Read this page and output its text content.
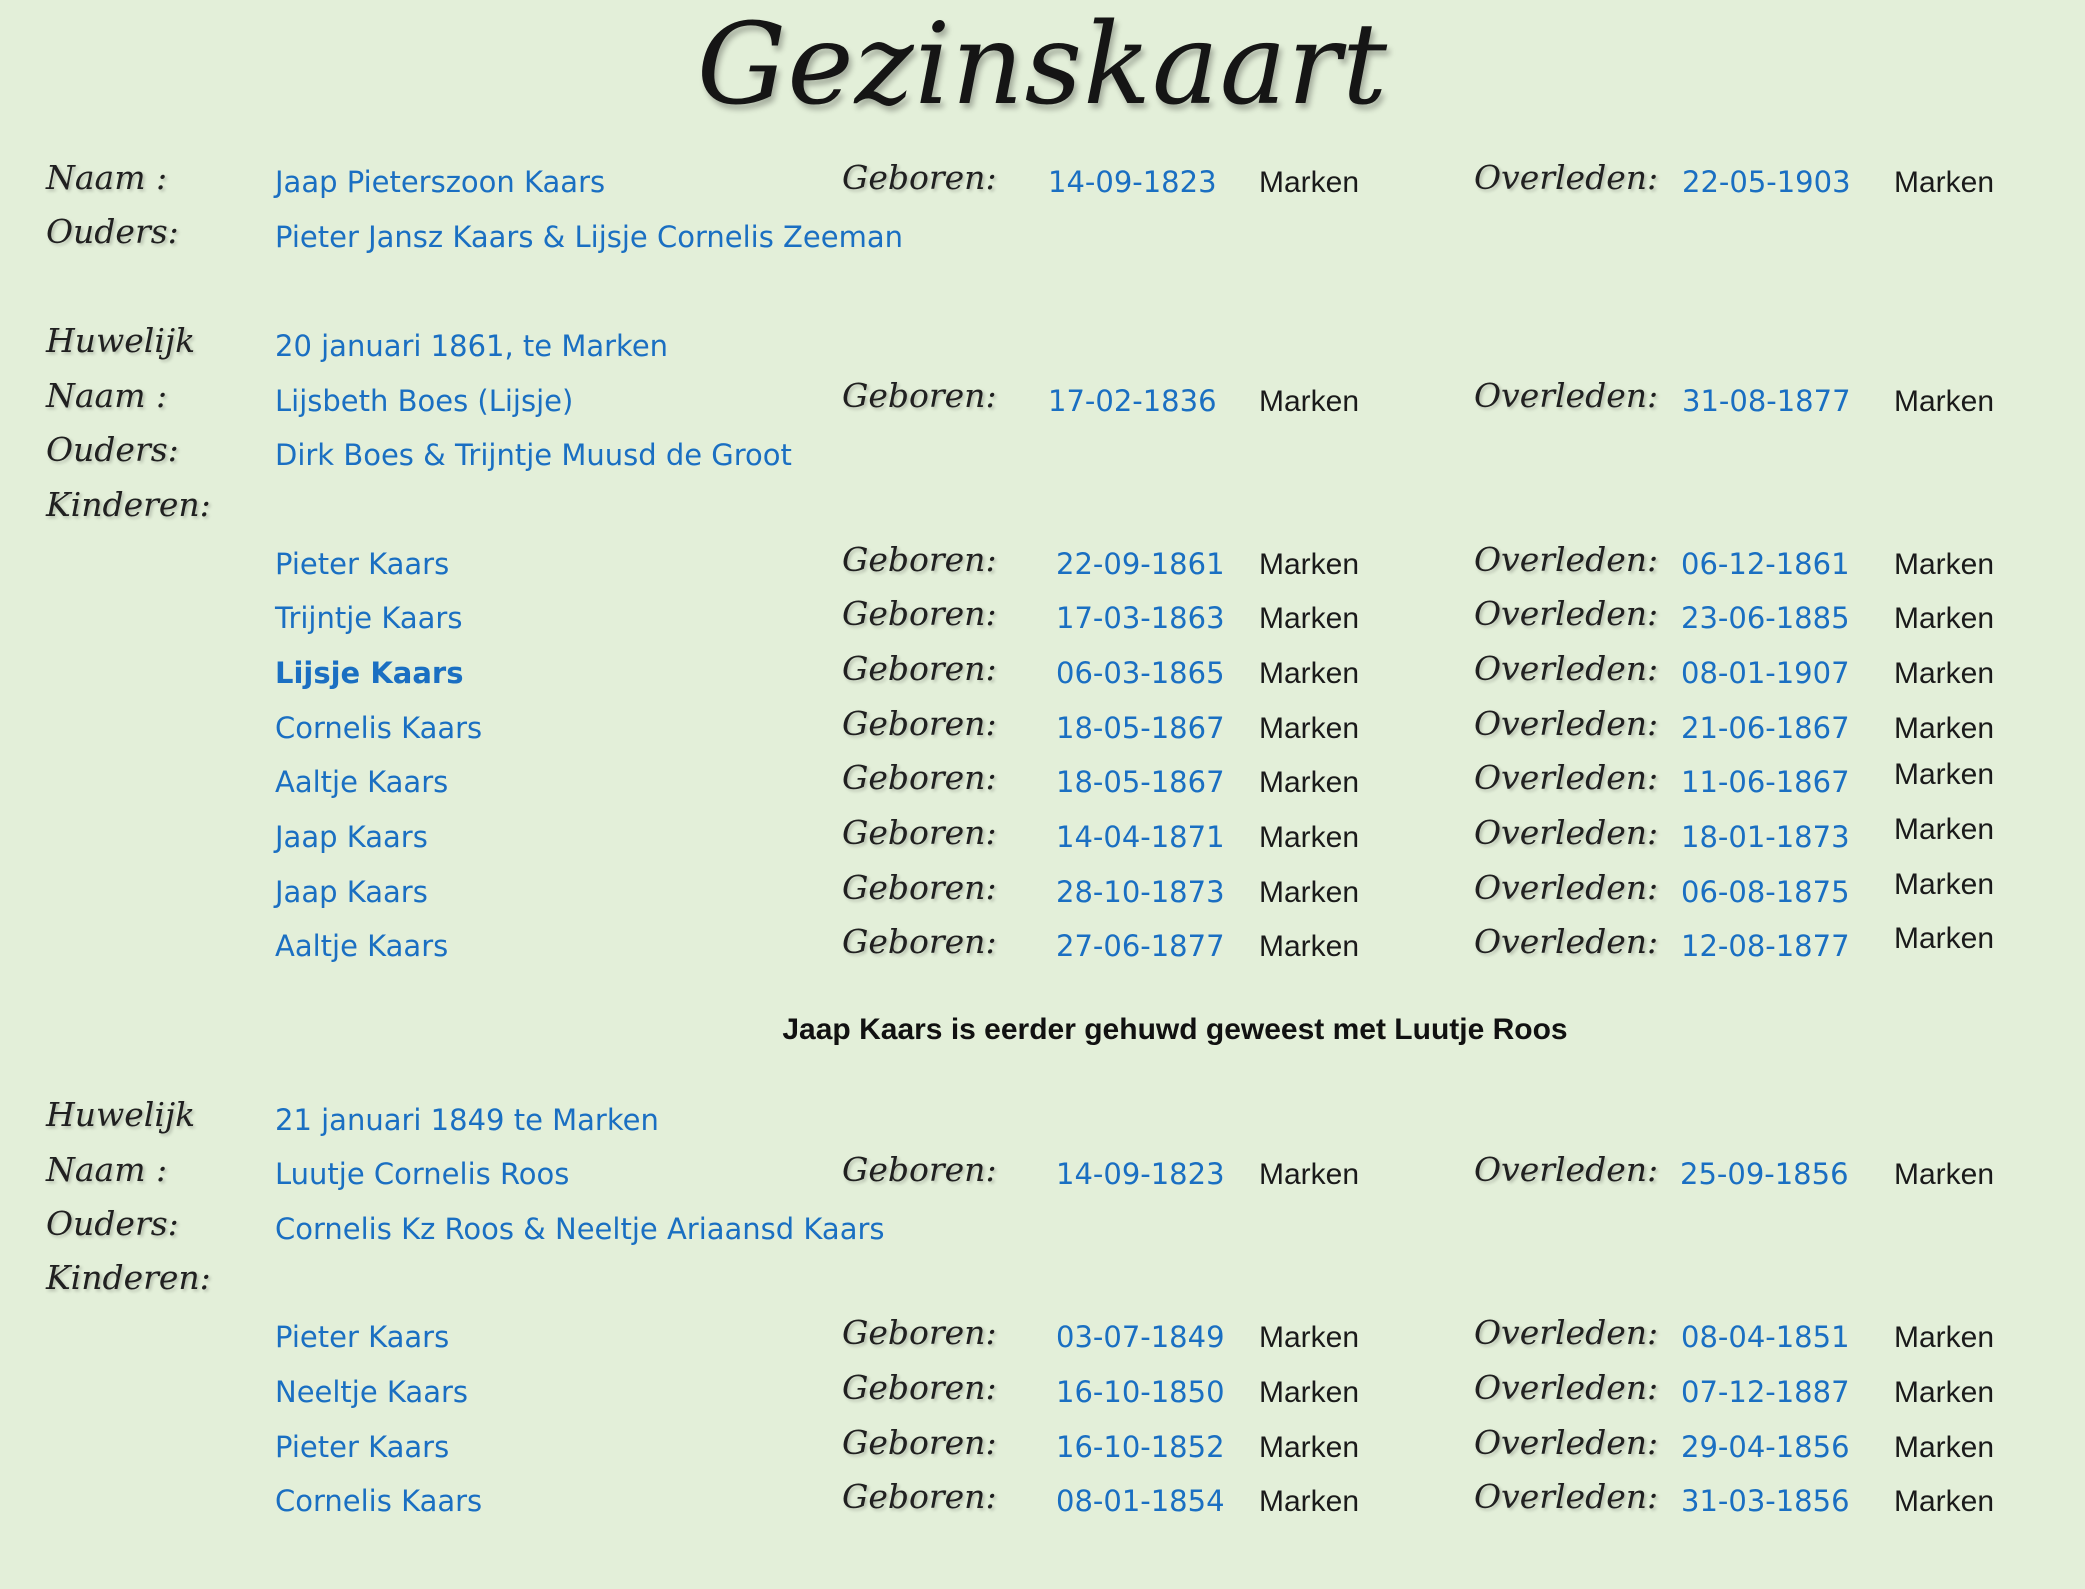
Gezinskaart
Naam :	Jaap Pieterszoon Kaars	Geboren: 14-09-1823 Marken	Overleden: 22-05-1903 Marken
Ouders:	Pieter Jansz Kaars & Lijsje Cornelis Zeeman
Huwelijk	20 januari 1861, te Marken
Naam :	Lijsbeth Boes (Lijsje)	Geboren: 17-02-1836 Marken	Overleden: 31-08-1877 Marken
Ouders:	Dirk Boes & Trijntje Muusd de Groot
Kinderen:
Pieter Kaars	Geboren: 22-09-1861 Marken	Overleden: 06-12-1861 Marken
Trijntje Kaars	Geboren: 17-03-1863 Marken	Overleden: 23-06-1885 Marken
Lijsje Kaars	Geboren: 06-03-1865 Marken	Overleden: 08-01-1907 Marken
Cornelis Kaars	Geboren: 18-05-1867 Marken	Overleden: 21-06-1867 Marken
Aaltje Kaars	Geboren: 18-05-1867 Marken	Overleden: 11-06-1867 Marken
Jaap Kaars	Geboren: 14-04-1871 Marken	Overleden: 18-01-1873 Marken
Jaap Kaars	Geboren: 28-10-1873 Marken	Overleden: 06-08-1875 Marken
Aaltje Kaars	Geboren: 27-06-1877 Marken	Overleden: 12-08-1877 Marken
Jaap Kaars is eerder gehuwd geweest met Luutje Roos
Huwelijk	21 januari 1849 te Marken
Naam :	Luutje Cornelis Roos	Geboren: 14-09-1823 Marken	Overleden: 25-09-1856 Marken
Ouders:	Cornelis Kz Roos & Neeltje Ariaansd Kaars
Kinderen:
Pieter Kaars	Geboren: 03-07-1849 Marken	Overleden: 08-04-1851 Marken
Neeltje Kaars	Geboren: 16-10-1850 Marken	Overleden: 07-12-1887 Marken
Pieter Kaars	Geboren: 16-10-1852 Marken	Overleden: 29-04-1856 Marken
Cornelis Kaars	Geboren: 08-01-1854 Marken	Overleden: 31-03-1856 Marken
